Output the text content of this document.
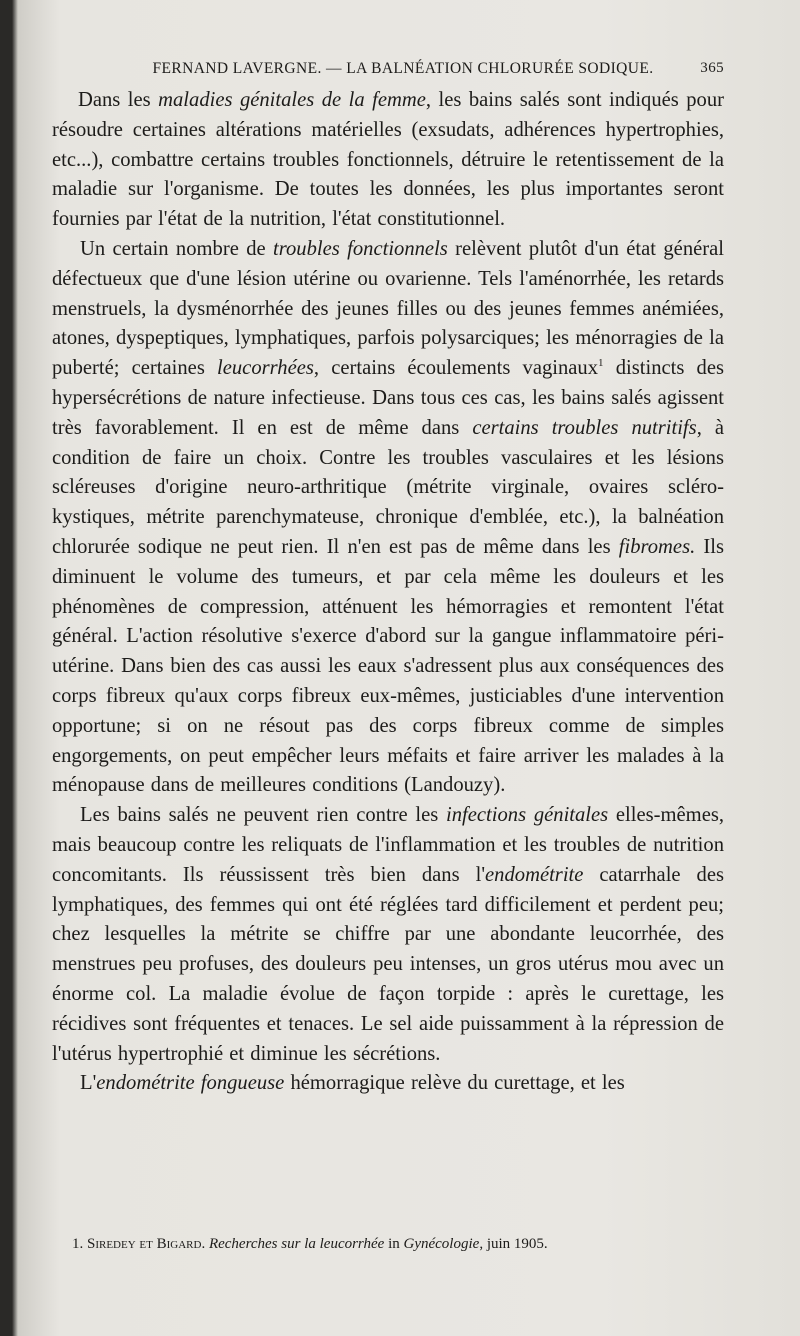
FERNAND LAVERGNE. — LA BALNÉATION CHLORURÉE SODIQUE.	365

Dans les maladies génitales de la femme, les bains salés sont indiqués pour résoudre certaines altérations matérielles (exsudats, adhérences hypertrophies, etc...), combattre certains troubles fonctionnels, détruire le retentissement de la maladie sur l'organisme. De toutes les données, les plus importantes seront fournies par l'état de la nutrition, l'état constitutionnel.

Un certain nombre de troubles fonctionnels relèvent plutôt d'un état général défectueux que d'une lésion utérine ou ovarienne. Tels l'aménorrhée, les retards menstruels, la dysménorrhée des jeunes filles ou des jeunes femmes anémiées, atones, dyspeptiques, lymphatiques, parfois polysarciques; les ménorragies de la puberté; certaines leucorrhées, certains écoulements vaginaux$^1$ distincts des hypersécrétions de nature infectieuse. Dans tous ces cas, les bains salés agissent très favorablement. Il en est de même dans certains troubles nutritifs, à condition de faire un choix. Contre les troubles vasculaires et les lésions scléreuses d'origine neuro-arthritique (métrite virginale, ovaires scléro-kystiques, métrite parenchymateuse, chronique d'emblée, etc.), la balnéation chlorurée sodique ne peut rien. Il n'en est pas de même dans les fibromes. Ils diminuent le volume des tumeurs, et par cela même les douleurs et les phénomènes de compression, atténuent les hémorragies et remontent l'état général. L'action résolutive s'exerce d'abord sur la gangue inflammatoire péri-utérine. Dans bien des cas aussi les eaux s'adressent plus aux conséquences des corps fibreux qu'aux corps fibreux eux-mêmes, justiciables d'une intervention opportune; si on ne résout pas des corps fibreux comme de simples engorgements, on peut empêcher leurs méfaits et faire arriver les malades à la ménopause dans de meilleures conditions (Landouzy).

Les bains salés ne peuvent rien contre les infections génitales elles-mêmes, mais beaucoup contre les reliquats de l'inflammation et les troubles de nutrition concomitants. Ils réussissent très bien dans l'endométrite catarrhale des lymphatiques, des femmes qui ont été réglées tard difficilement et perdent peu; chez lesquelles la métrite se chiffre par une abondante leucorrhée, des menstrues peu profuses, des douleurs peu intenses, un gros utérus mou avec un énorme col. La maladie évolue de façon torpide : après le curettage, les récidives sont fréquentes et tenaces. Le sel aide puissamment à la répression de l'utérus hypertrophié et diminue les sécrétions.

L'endométrite fongueuse hémorragique relève du curettage, et les

1. Siredey et Bigard. Recherches sur la leucorrhée in Gynécologie, juin 1905.
